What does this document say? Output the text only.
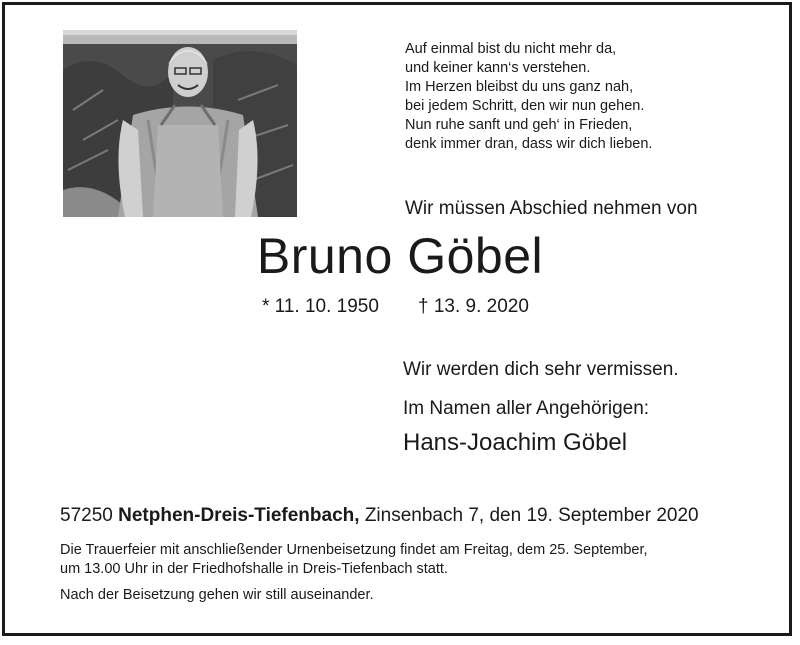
Auf einmal bist du nicht mehr da,
und keiner kann‘s verstehen.
Im Herzen bleibst du uns ganz nah,
bei jedem Schritt, den wir nun gehen.
Nun ruhe sanft und geh‘ in Frieden,
denk immer dran, dass wir dich lieben.
Wir müssen Abschied nehmen von
Bruno Göbel
* 11. 10. 1950 † 13. 9. 2020
Wir werden dich sehr vermissen.
Im Namen aller Angehörigen:
Hans-Joachim Göbel
57250 Netphen-Dreis-Tiefenbach, Zinsenbach 7, den 19. September 2020
Die Trauerfeier mit anschließender Urnenbeisetzung findet am Freitag, dem 25. September,
um 13.00 Uhr in der Friedhofshalle in Dreis-Tiefenbach statt.
Nach der Beisetzung gehen wir still auseinander.
